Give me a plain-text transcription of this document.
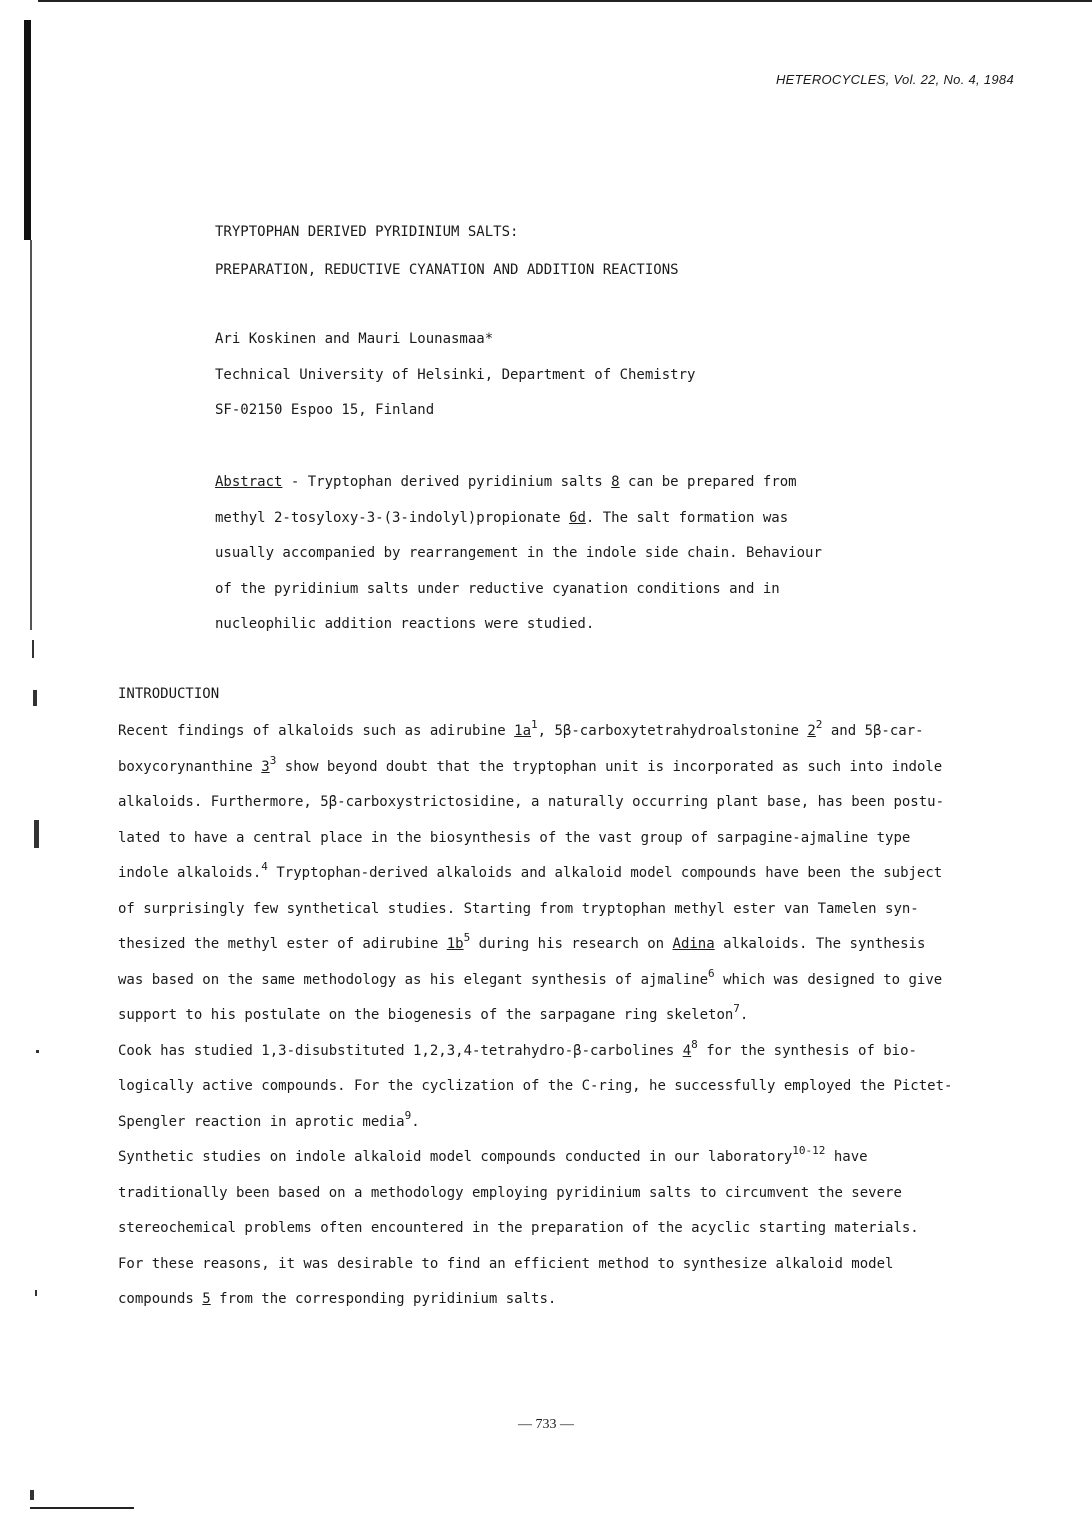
HETEROCYCLES, Vol. 22, No. 4, 1984
TRYPTOPHAN DERIVED PYRIDINIUM SALTS:
PREPARATION, REDUCTIVE CYANATION AND ADDITION REACTIONS
Ari Koskinen and Mauri Lounasmaa*
Technical University of Helsinki, Department of Chemistry
SF-02150 Espoo 15, Finland
Abstract - Tryptophan derived pyridinium salts 8 can be prepared from
methyl 2-tosyloxy-3-(3-indolyl)propionate 6d. The salt formation was
usually accompanied by rearrangement in the indole side chain. Behaviour
of the pyridinium salts under reductive cyanation conditions and in
nucleophilic addition reactions were studied.
INTRODUCTION
Recent findings of alkaloids such as adirubine $1a^1$, 5β-carboxytetrahydroalstonine $2^2$ and 5β-car-
boxycorynanthine $3^3$ show beyond doubt that the tryptophan unit is incorporated as such into indole
alkaloids. Furthermore, 5β-carboxystrictosidine, a naturally occurring plant base, has been postu-
lated to have a central place in the biosynthesis of the vast group of sarpagine-ajmaline type
indole alkaloids.$^4$ Tryptophan-derived alkaloids and alkaloid model compounds have been the subject
of surprisingly few synthetical studies. Starting from tryptophan methyl ester van Tamelen syn-
thesized the methyl ester of adirubine $1b^5$ during his research on Adina alkaloids. The synthesis
was based on the same methodology as his elegant synthesis of ajmaline$^6$ which was designed to give
support to his postulate on the biogenesis of the sarpagane ring skeleton$^7$.
Cook has studied 1,3-disubstituted 1,2,3,4-tetrahydro-β-carbolines $4^8$ for the synthesis of bio-
logically active compounds. For the cyclization of the C-ring, he successfully employed the Pictet-
Spengler reaction in aprotic media$^9$.
Synthetic studies on indole alkaloid model compounds conducted in our laboratory$^{10-12}$ have
traditionally been based on a methodology employing pyridinium salts to circumvent the severe
stereochemical problems often encountered in the preparation of the acyclic starting materials.
For these reasons, it was desirable to find an efficient method to synthesize alkaloid model
compounds 5 from the corresponding pyridinium salts.
— 733 —
